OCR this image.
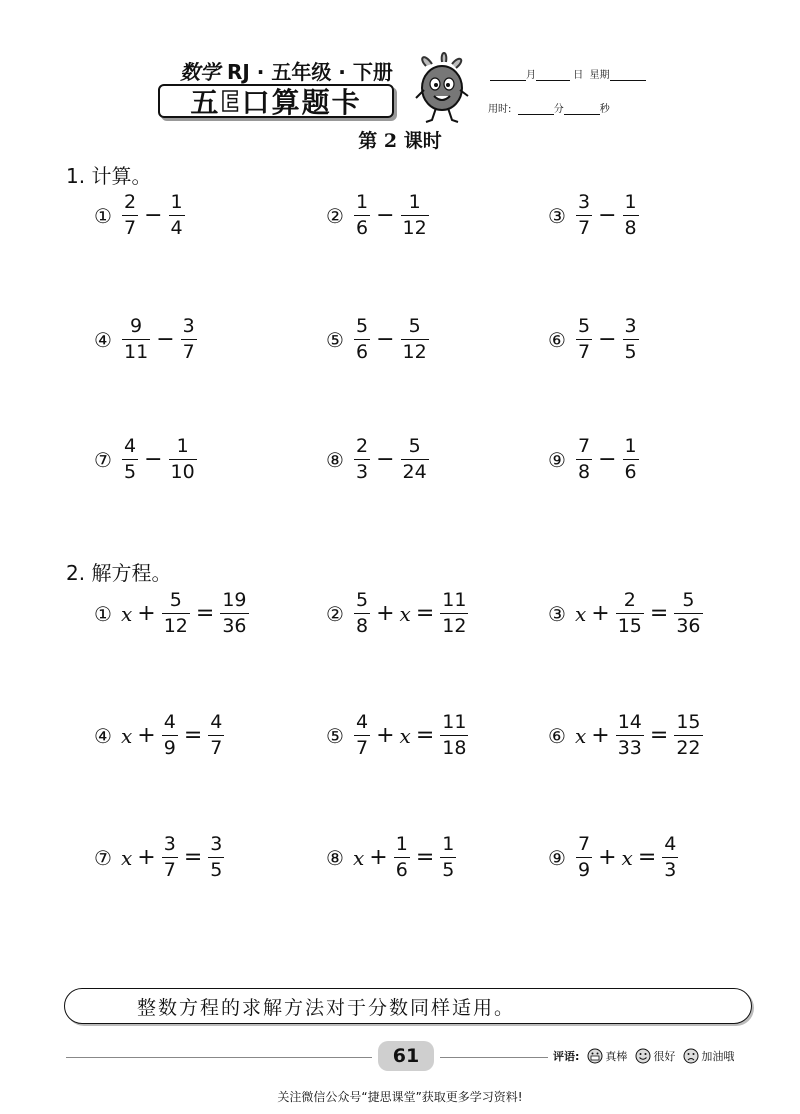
数学 RJ · 五年级 · 下册
五 E 口算题卡
月	日 星期
用时:	分	秒
第 2 课时
1. 计算。
① $\frac{2}{7} - \frac{1}{4}$	② $\frac{1}{6} - \frac{1}{12}$	③ $\frac{3}{7} - \frac{1}{8}$
④ $\frac{9}{11} - \frac{3}{7}$	⑤ $\frac{5}{6} - \frac{5}{12}$	⑥ $\frac{5}{7} - \frac{3}{5}$
⑦ $\frac{4}{5} - \frac{1}{10}$	⑧ $\frac{2}{3} - \frac{5}{24}$	⑨ $\frac{7}{8} - \frac{1}{6}$
2. 解方程。
① $x + \frac{5}{12} = \frac{19}{36}$	② $\frac{5}{8} + x = \frac{11}{12}$	③ $x + \frac{2}{15} = \frac{5}{36}$
④ $x + \frac{4}{9} = \frac{4}{7}$	⑤ $\frac{4}{7} + x = \frac{11}{18}$	⑥ $x + \frac{14}{33} = \frac{15}{22}$
⑦ $x + \frac{3}{7} = \frac{3}{5}$	⑧ $x + \frac{1}{6} = \frac{1}{5}$	⑨ $\frac{7}{9} + x = \frac{4}{3}$
整数方程的求解方法对于分数同样适用。
61	评语: 真棒 很好 加油哦
关注微信公众号“捷思课堂”获取更多学习资料!
